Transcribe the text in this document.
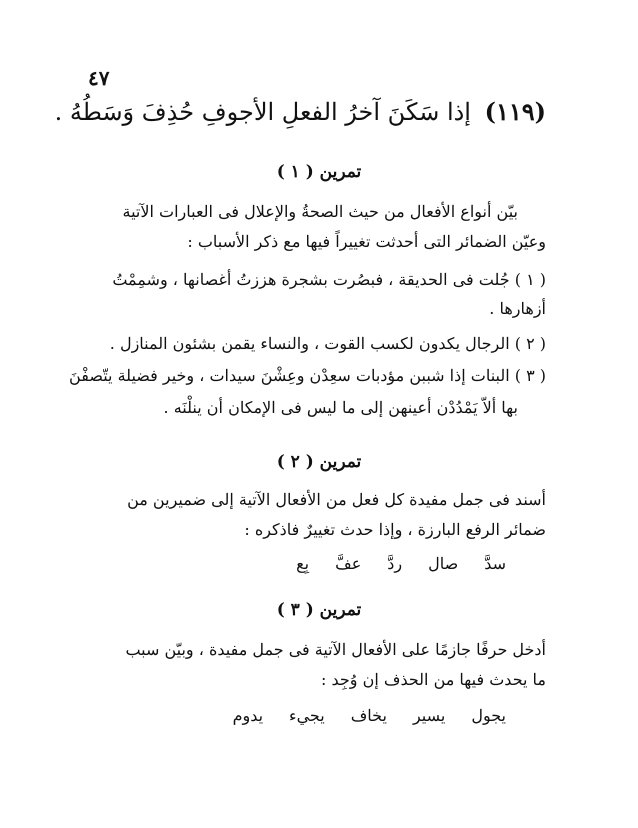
٤٧
(١١٩) إذا سَكَنَ آخرُ الفعلِ الأجوفِ حُذِفَ وَسَطُهُ .
تمرين ( ١ )
بيّن أنواع الأفعال من حيث الصحةُ والإعلال فى العبارات الآتية
وعيّن الضمائر التى أحدثت تغييراً فيها مع ذكر الأسباب :
( ١ ) جُلت فى الحديقة ، فبصُرت بشجرة هززتُ أغصانها ، وشمِمْتُ
أزهارها .
( ٢ ) الرجال يكدون لكسب القوت ، والنساء يقمن بشئون المنازل .
( ٣ ) البنات إذا شببن مؤدبات سعِدْن وعِشْنَ سيدات ، وخير فضيلة يتّصفْنَ
بها ألاّ يَمْدُدْن أعينهن إلى ما ليس فى الإمكان أن ينلْنَه .
تمرين ( ٢ )
أسند فى جمل مفيدة كل فعل من الأفعال الآتية إلى ضميرين من
ضمائر الرفع البارزة ، وإذا حدث تغييرٌ فاذكره :
سدَّ
صال
ردَّ
عفَّ
بِع
تمرين ( ٣ )
أدخل حرفًا جازمًا على الأفعال الآتية فى جمل مفيدة ، وبيّن سبب
ما يحدث فيها من الحذف إن وُجِد :
يجول
يسير
يخاف
يجيء
يدوم
